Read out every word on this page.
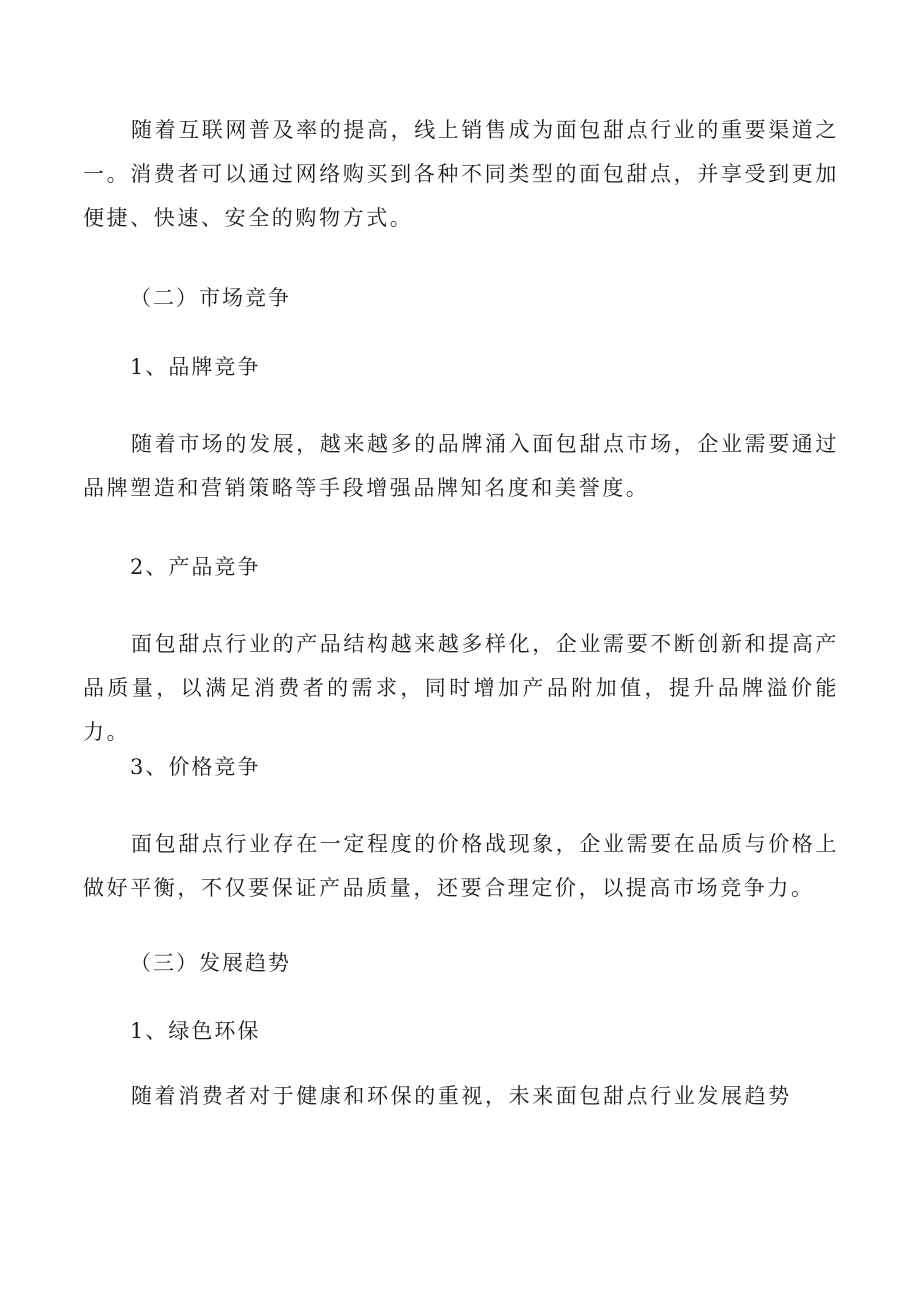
随着互联网普及率的提高，线上销售成为面包甜点行业的重要渠道之一。消费者可以通过网络购买到各种不同类型的面包甜点，并享受到更加便捷、快速、安全的购物方式。

（二）市场竞争

1、品牌竞争

随着市场的发展，越来越多的品牌涌入面包甜点市场，企业需要通过品牌塑造和营销策略等手段增强品牌知名度和美誉度。

2、产品竞争

面包甜点行业的产品结构越来越多样化，企业需要不断创新和提高产品质量，以满足消费者的需求，同时增加产品附加值，提升品牌溢价能力。

3、价格竞争

面包甜点行业存在一定程度的价格战现象，企业需要在品质与价格上做好平衡，不仅要保证产品质量，还要合理定价，以提高市场竞争力。

（三）发展趋势

1、绿色环保

随着消费者对于健康和环保的重视，未来面包甜点行业发展趋势
